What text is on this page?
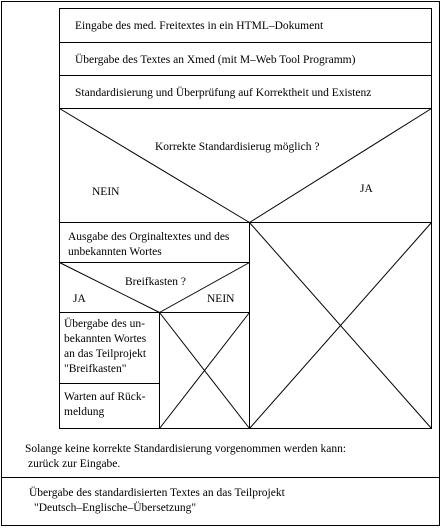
Eingabe des med. Freitextes in ein HTML–Dokument
Übergabe des Textes an Xmed (mit M–Web Tool Programm)
Standardisierung und Überprüfung auf Korrektheit und Existenz
Korrekte Standardisierug möglich ?
NEIN	JA
Ausgabe des Orginaltextes und des
unbekannten Wortes
Breifkasten ?
JA	NEIN
Übergabe des un-
bekannten Wortes
an das Teilprojekt
"Breifkasten"
Warten auf Rück-
meldung
Solange keine korrekte Standardisierung vorgenommen werden kann:
zurück zur Eingabe.
Übergabe des standardisierten Textes an das Teilprojekt
"Deutsch–Englische–Übersetzung"
